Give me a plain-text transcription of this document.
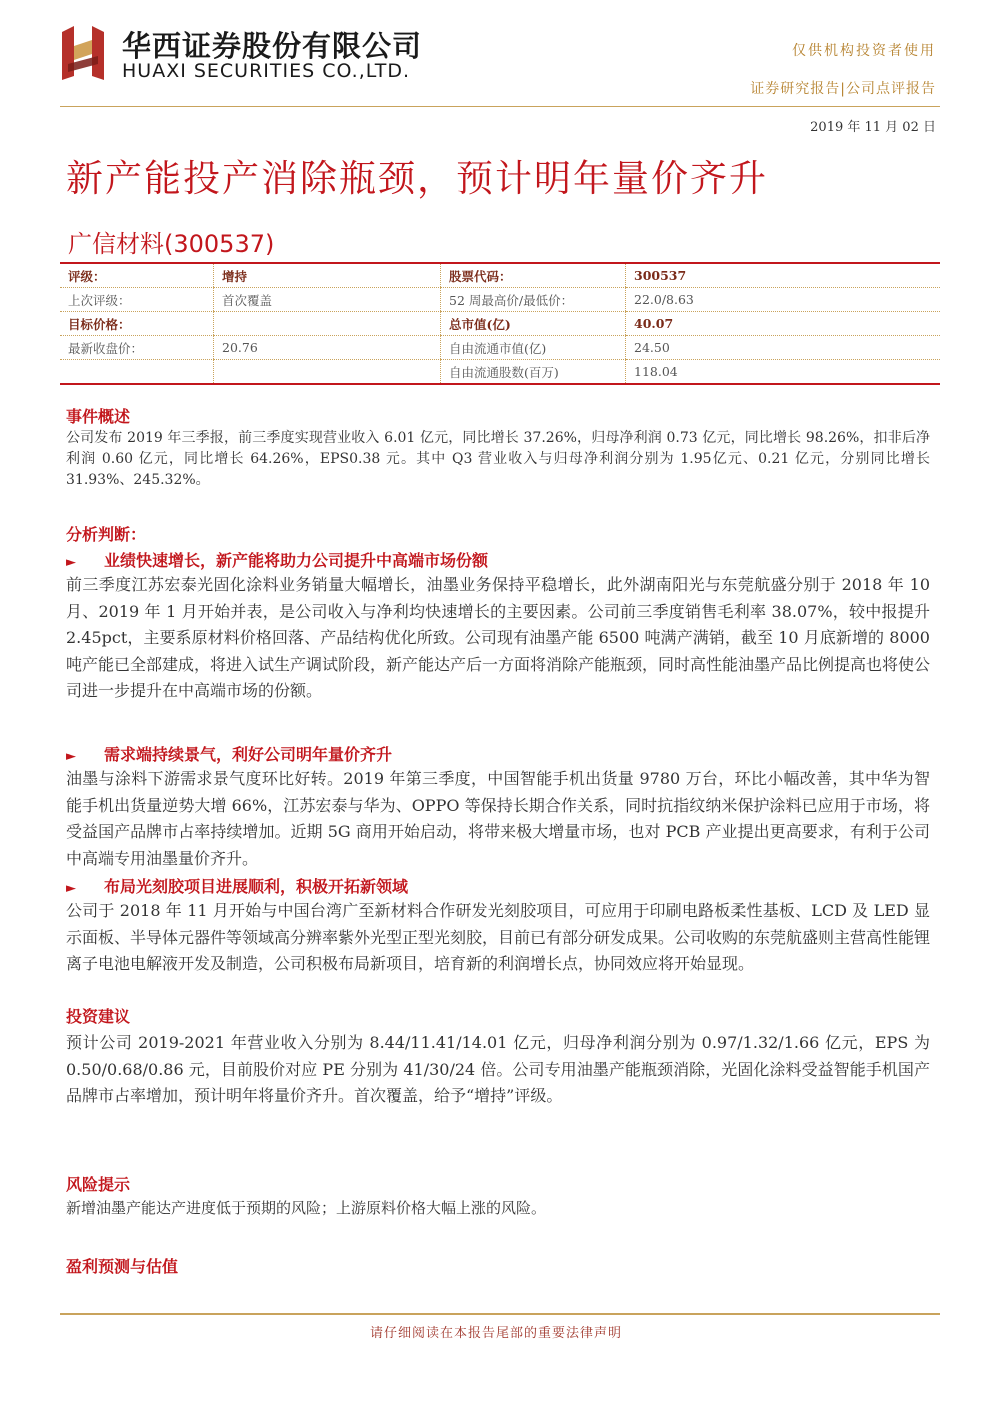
华西证券股份有限公司
HUAXI SECURITIES CO.,LTD.
仅供机构投资者使用
证券研究报告|公司点评报告
2019 年 11 月 02 日
新产能投产消除瓶颈，预计明年量价齐升
广信材料(300537)
评级：	增持	股票代码：	300537
上次评级：	首次覆盖	52 周最高价/最低价：	22.0/8.63
目标价格：		总市值(亿)	40.07
最新收盘价：	20.76	自由流通市值(亿)	24.50
		自由流通股数(百万)	118.04
事件概述
公司发布 2019 年三季报，前三季度实现营业收入 6.01 亿元，同比增长 37.26%，归母净利润 0.73 亿元，同比增长 98.26%，扣非后净利润 0.60 亿元，同比增长 64.26%，EPS0.38 元。其中 Q3 营业收入与归母净利润分别为 1.95亿元、0.21 亿元，分别同比增长 31.93%、245.32%。
分析判断：
► 业绩快速增长，新产能将助力公司提升中高端市场份额
前三季度江苏宏泰光固化涂料业务销量大幅增长，油墨业务保持平稳增长，此外湖南阳光与东莞航盛分别于 2018 年 10 月、2019 年 1 月开始并表，是公司收入与净利均快速增长的主要因素。公司前三季度销售毛利率 38.07%，较中报提升 2.45pct，主要系原材料价格回落、产品结构优化所致。公司现有油墨产能 6500 吨满产满销，截至 10 月底新增的 8000 吨产能已全部建成，将进入试生产调试阶段，新产能达产后一方面将消除产能瓶颈，同时高性能油墨产品比例提高也将使公司进一步提升在中高端市场的份额。
► 需求端持续景气，利好公司明年量价齐升
油墨与涂料下游需求景气度环比好转。2019 年第三季度，中国智能手机出货量 9780 万台，环比小幅改善，其中华为智能手机出货量逆势大增 66%，江苏宏泰与华为、OPPO 等保持长期合作关系，同时抗指纹纳米保护涂料已应用于市场，将受益国产品牌市占率持续增加。近期 5G 商用开始启动，将带来极大增量市场，也对 PCB 产业提出更高要求，有利于公司中高端专用油墨量价齐升。
► 布局光刻胶项目进展顺利，积极开拓新领域
公司于 2018 年 11 月开始与中国台湾广至新材料合作研发光刻胶项目，可应用于印刷电路板柔性基板、LCD 及 LED 显示面板、半导体元器件等领域高分辨率紫外光型正型光刻胶，目前已有部分研发成果。公司收购的东莞航盛则主营高性能锂离子电池电解液开发及制造，公司积极布局新项目，培育新的利润增长点，协同效应将开始显现。
投资建议
预计公司 2019-2021 年营业收入分别为 8.44/11.41/14.01 亿元，归母净利润分别为 0.97/1.32/1.66 亿元，EPS 为 0.50/0.68/0.86 元，目前股价对应 PE 分别为 41/30/24 倍。公司专用油墨产能瓶颈消除，光固化涂料受益智能手机国产品牌市占率增加，预计明年将量价齐升。首次覆盖，给予“增持”评级。
风险提示
新增油墨产能达产进度低于预期的风险；上游原料价格大幅上涨的风险。
盈利预测与估值
请仔细阅读在本报告尾部的重要法律声明
